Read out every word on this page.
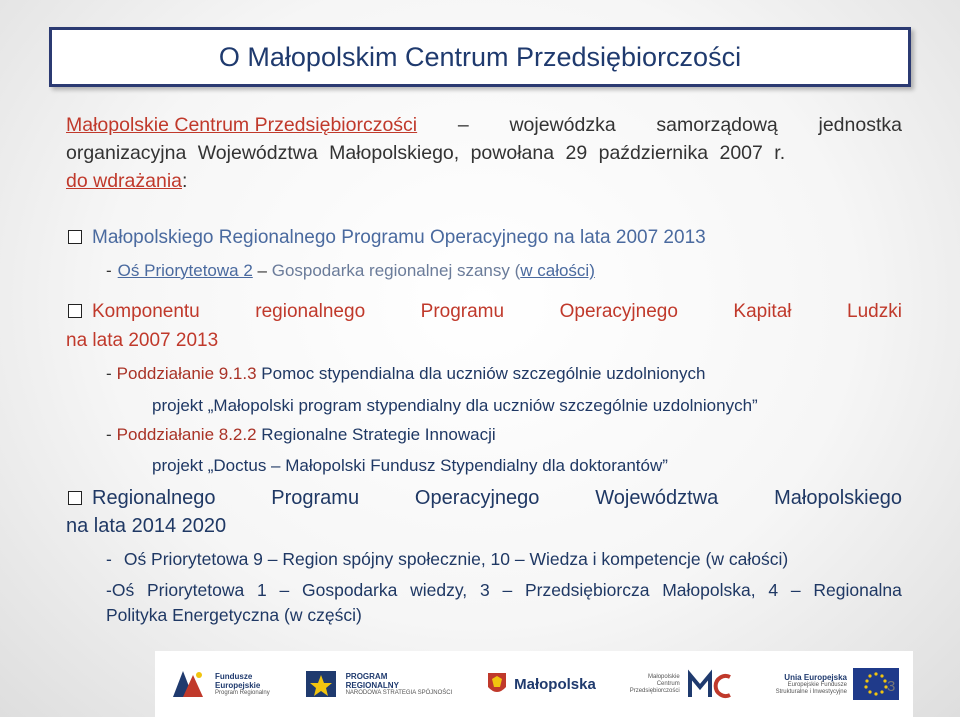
O Małopolskim Centrum Przedsiębiorczości
Małopolskie Centrum Przedsiębiorczości – wojewódzka samorządową jednostka
organizacyjna Województwa Małopolskiego, powołana 29 października 2007 r.
do wdrażania :
Małopolskiego Regionalnego Programu Operacyjnego na lata 2007 2013
- Oś Priorytetowa 2 – Gospodarka regionalnej szansy (w całości)
Komponentu	regionalnego	Programu	Operacyjnego	Kapitał	Ludzki
na lata 2007 2013
- Poddziałanie 9.1.3 Pomoc stypendialna dla uczniów szczególnie uzdolnionych
projekt „Małopolski program stypendialny dla uczniów szczególnie uzdolnionych”
- Poddziałanie 8.2.2 Regionalne Strategie Innowacji
projekt „Doctus – Małopolski Fundusz Stypendialny dla doktorantów”
Regionalnego	Programu	Operacyjnego	Województwa	Małopolskiego
na lata 2014 2020
- Oś Priorytetowa 9 – Region spójny społecznie, 10 – Wiedza i kompetencje (w całości)
-Oś Priorytetowa 1 – Gospodarka wiedzy, 3 – Przedsiębiorcza Małopolska, 4 – Regionalna
Polityka Energetyczna (w części)
Fundusze
Europejskie
Program Regionalny
PROGRAM
REGIONALNY
NARODOWA STRATEGIA SPÓJNOŚCI	Małopolska	Małopolskie
Centrum
Przedsiębiorczości
Unia Europejska
Europejskie Fundusze
Strukturalne i Inwestycyjne	3
